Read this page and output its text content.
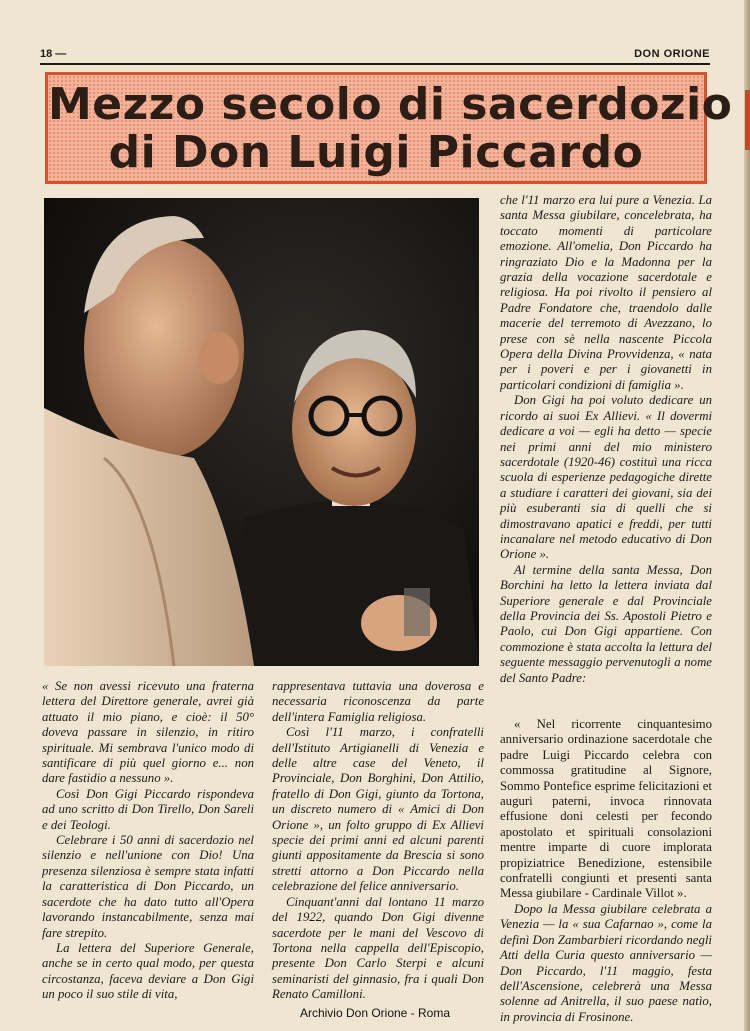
18 —	DON ORIONE
Mezzo secolo di sacerdozio
di Don Luigi Piccardo

che l'11 marzo era lui pure a Venezia. La santa Messa giubilare, concelebrata, ha toccato momenti di particolare emozione. All'omelia, Don Piccardo ha ringraziato Dio e la Madonna per la grazia della vocazione sacerdotale e religiosa. Ha poi rivolto il pensiero al Padre Fondatore che, traendolo dalle macerie del terremoto di Avezzano, lo prese con sè nella nascente Piccola Opera della Divina Provvidenza, « nata per i poveri e per i giovanetti in particolari condizioni di famiglia ».

Don Gigi ha poi voluto dedicare un ricordo ai suoi Ex Allievi. « Il dovermi dedicare a voi — egli ha detto — specie nei primi anni del mio ministero sacerdotale (1920-46) costituì una ricca scuola di esperienze pedagogiche dirette a studiare i caratteri dei giovani, sia dei più esuberanti sia di quelli che si dimostravano apatici e freddi, per tutti incanalare nel metodo educativo di Don Orione ».

Al termine della santa Messa, Don Borchini ha letto la lettera inviata dal Superiore generale e dal Provinciale della Provincia dei Ss. Apostoli Pietro e Paolo, cui Don Gigi appartiene. Con commozione è stata accolta la lettura del seguente messaggio pervenutogli a nome del Santo Padre:

« Nel ricorrente cinquantesimo anniversario ordinazione sacerdotale che padre Luigi Piccardo celebra con commossa gratitudine al Signore, Sommo Pontefice esprime felicitazioni et auguri paterni, invoca rinnovata effusione doni celesti per fecondo apostolato et spirituali consolazioni mentre imparte di cuore implorata propiziatrice Benedizione, estensibile confratelli congiunti et presenti santa Messa giubilare - Cardinale Villot ».

Dopo la Messa giubilare celebrata a Venezia — la « sua Cafarnao », come la definì Don Zambarbieri ricordando negli Atti della Curia questo anniversario — Don Piccardo, l'11 maggio, festa dell'Ascensione, celebrerà una Messa solenne ad Anitrella, il suo paese natìo, in provincia di Frosinone.

« Se non avessi ricevuto una fraterna lettera del Direttore generale, avrei già attuato il mio piano, e cioè: il 50° doveva passare in silenzio, in ritiro spirituale. Mi sembrava l'unico modo di santificare di più quel giorno e... non dare fastidio a nessuno ».

Così Don Gigi Piccardo rispondeva ad uno scritto di Don Tirello, Don Sareli e dei Teologi.

Celebrare i 50 anni di sacerdozio nel silenzio e nell'unione con Dio! Una presenza silenziosa è sempre stata infatti la caratteristica di Don Piccardo, un sacerdote che ha dato tutto all'Opera lavorando instancabilmente, senza mai fare strepito.

La lettera del Superiore Generale, anche se in certo qual modo, per questa circostanza, faceva deviare a Don Gigi un poco il suo stile di vita,

rappresentava tuttavia una doverosa e necessaria riconoscenza da parte dell'intera Famiglia religiosa.

Così l'11 marzo, i confratelli dell'Istituto Artigianelli di Venezia e delle altre case del Veneto, il Provinciale, Don Borghini, Don Attilio, fratello di Don Gigi, giunto da Tortona, un discreto numero di « Amici di Don Orione », un folto gruppo di Ex Allievi specie dei primi anni ed alcuni parenti giunti appositamente da Brescia si sono stretti attorno a Don Piccardo nella celebrazione del felice anniversario.

Cinquant'anni dal lontano 11 marzo del 1922, quando Don Gigi divenne sacerdote per le mani del Vescovo di Tortona nella cappella dell'Episcopio, presente Don Carlo Sterpi e alcuni seminaristi del ginnasio, fra i quali Don Renato Camilloni.

Archivio Don Orione - Roma
